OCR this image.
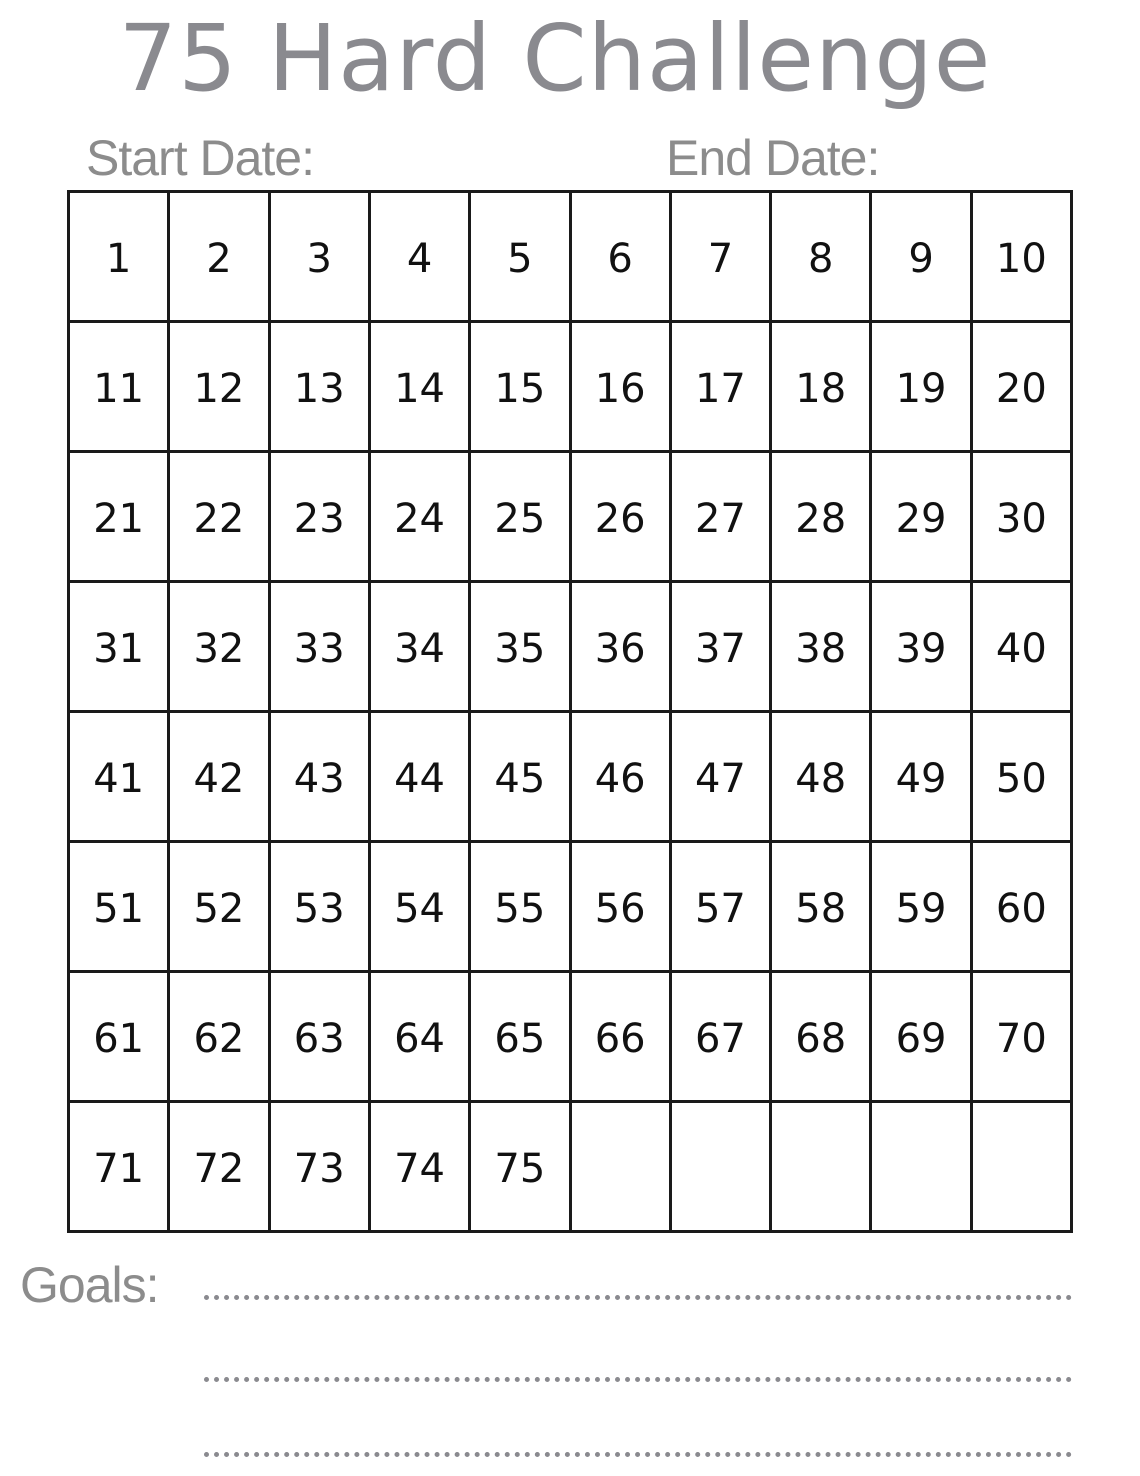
75 Hard Challenge
Start Date:	End Date:
1 2 3 4 5 6 7 8 9 10
11 12 13 14 15 16 17 18 19 20
21 22 23 24 25 26 27 28 29 30
31 32 33 34 35 36 37 38 39 40
41 42 43 44 45 46 47 48 49 50
51 52 53 54 55 56 57 58 59 60
61 62 63 64 65 66 67 68 69 70
71 72 73 74 75
Goals:
